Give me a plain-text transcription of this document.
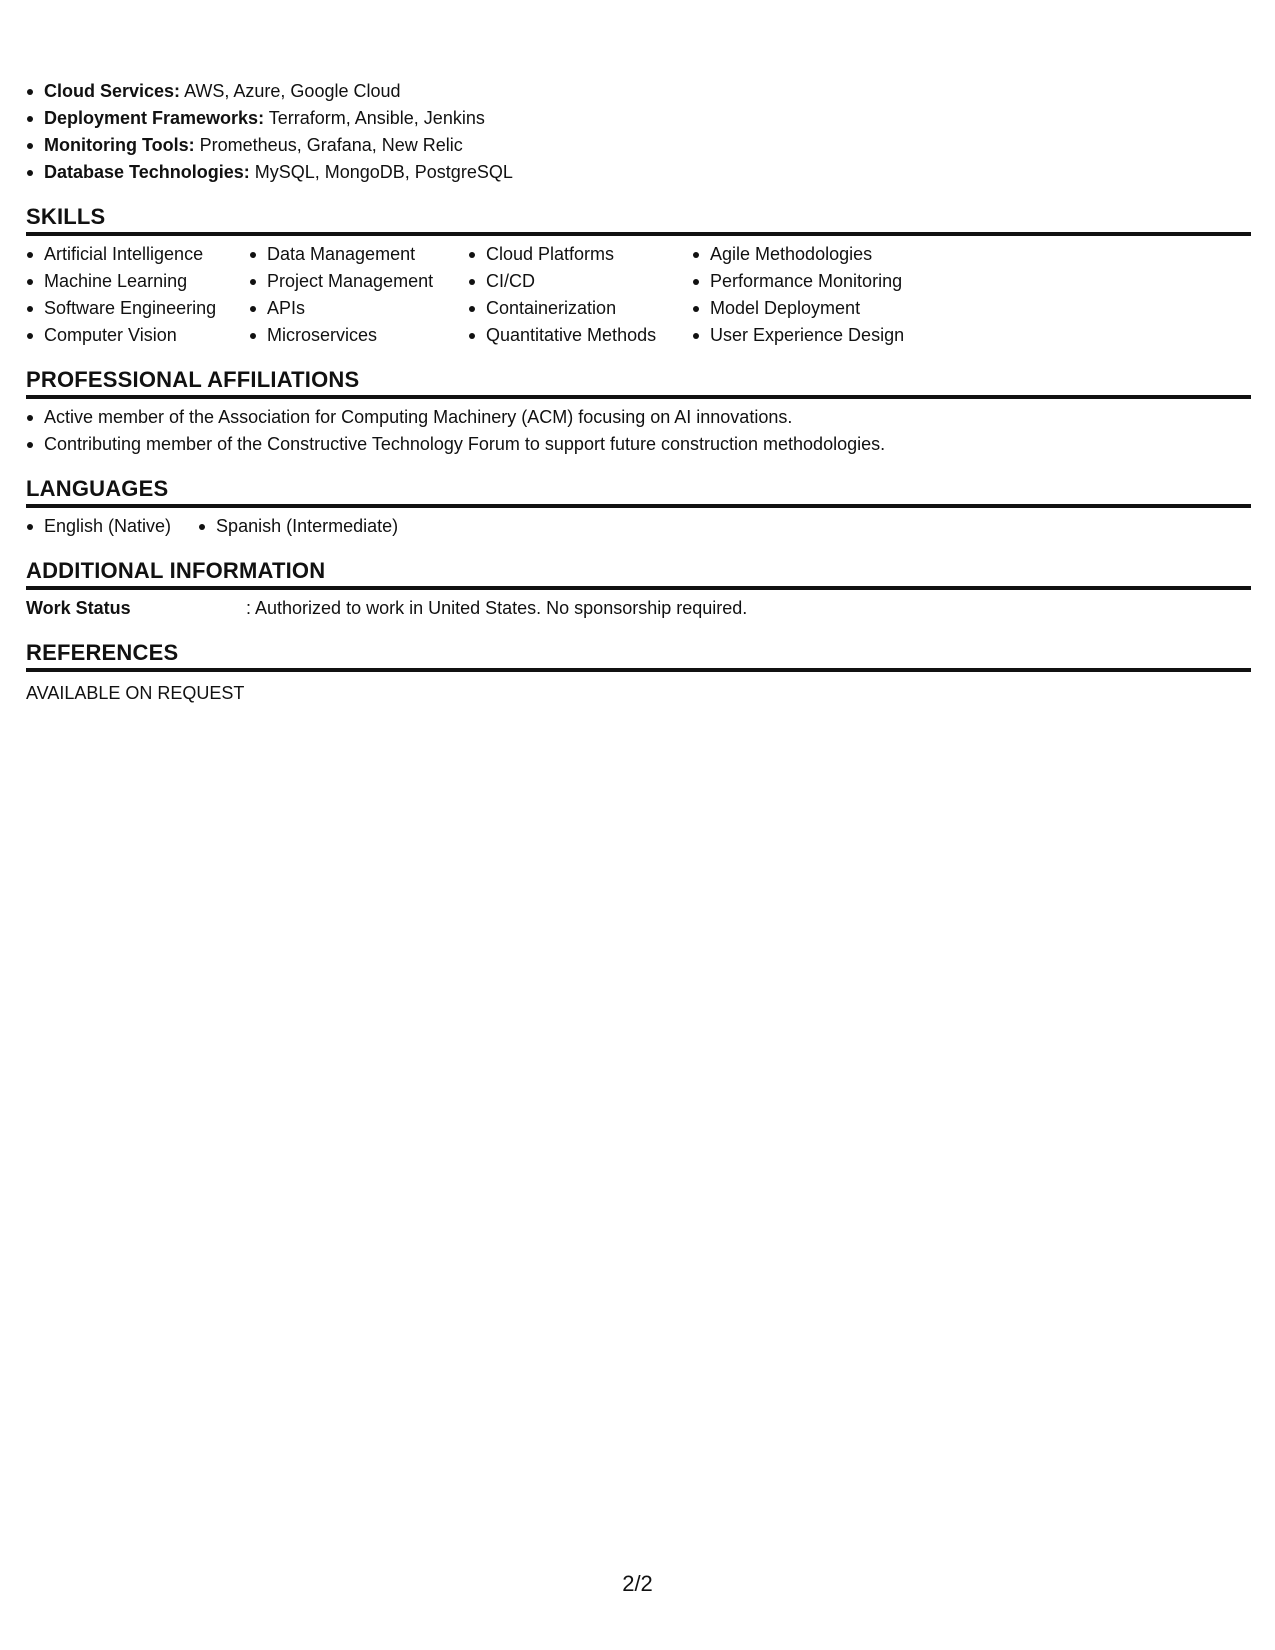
Cloud Services: AWS, Azure, Google Cloud
Deployment Frameworks: Terraform, Ansible, Jenkins
Monitoring Tools: Prometheus, Grafana, New Relic
Database Technologies: MySQL, MongoDB, PostgreSQL
SKILLS
Artificial Intelligence
Machine Learning
Software Engineering
Computer Vision
Data Management
Project Management
APIs
Microservices
Cloud Platforms
CI/CD
Containerization
Quantitative Methods
Agile Methodologies
Performance Monitoring
Model Deployment
User Experience Design
PROFESSIONAL AFFILIATIONS
Active member of the Association for Computing Machinery (ACM) focusing on AI innovations.
Contributing member of the Constructive Technology Forum to support future construction methodologies.
LANGUAGES
English (Native)	Spanish (Intermediate)
ADDITIONAL INFORMATION
Work Status	: Authorized to work in United States. No sponsorship required.
REFERENCES
AVAILABLE ON REQUEST
2/2
